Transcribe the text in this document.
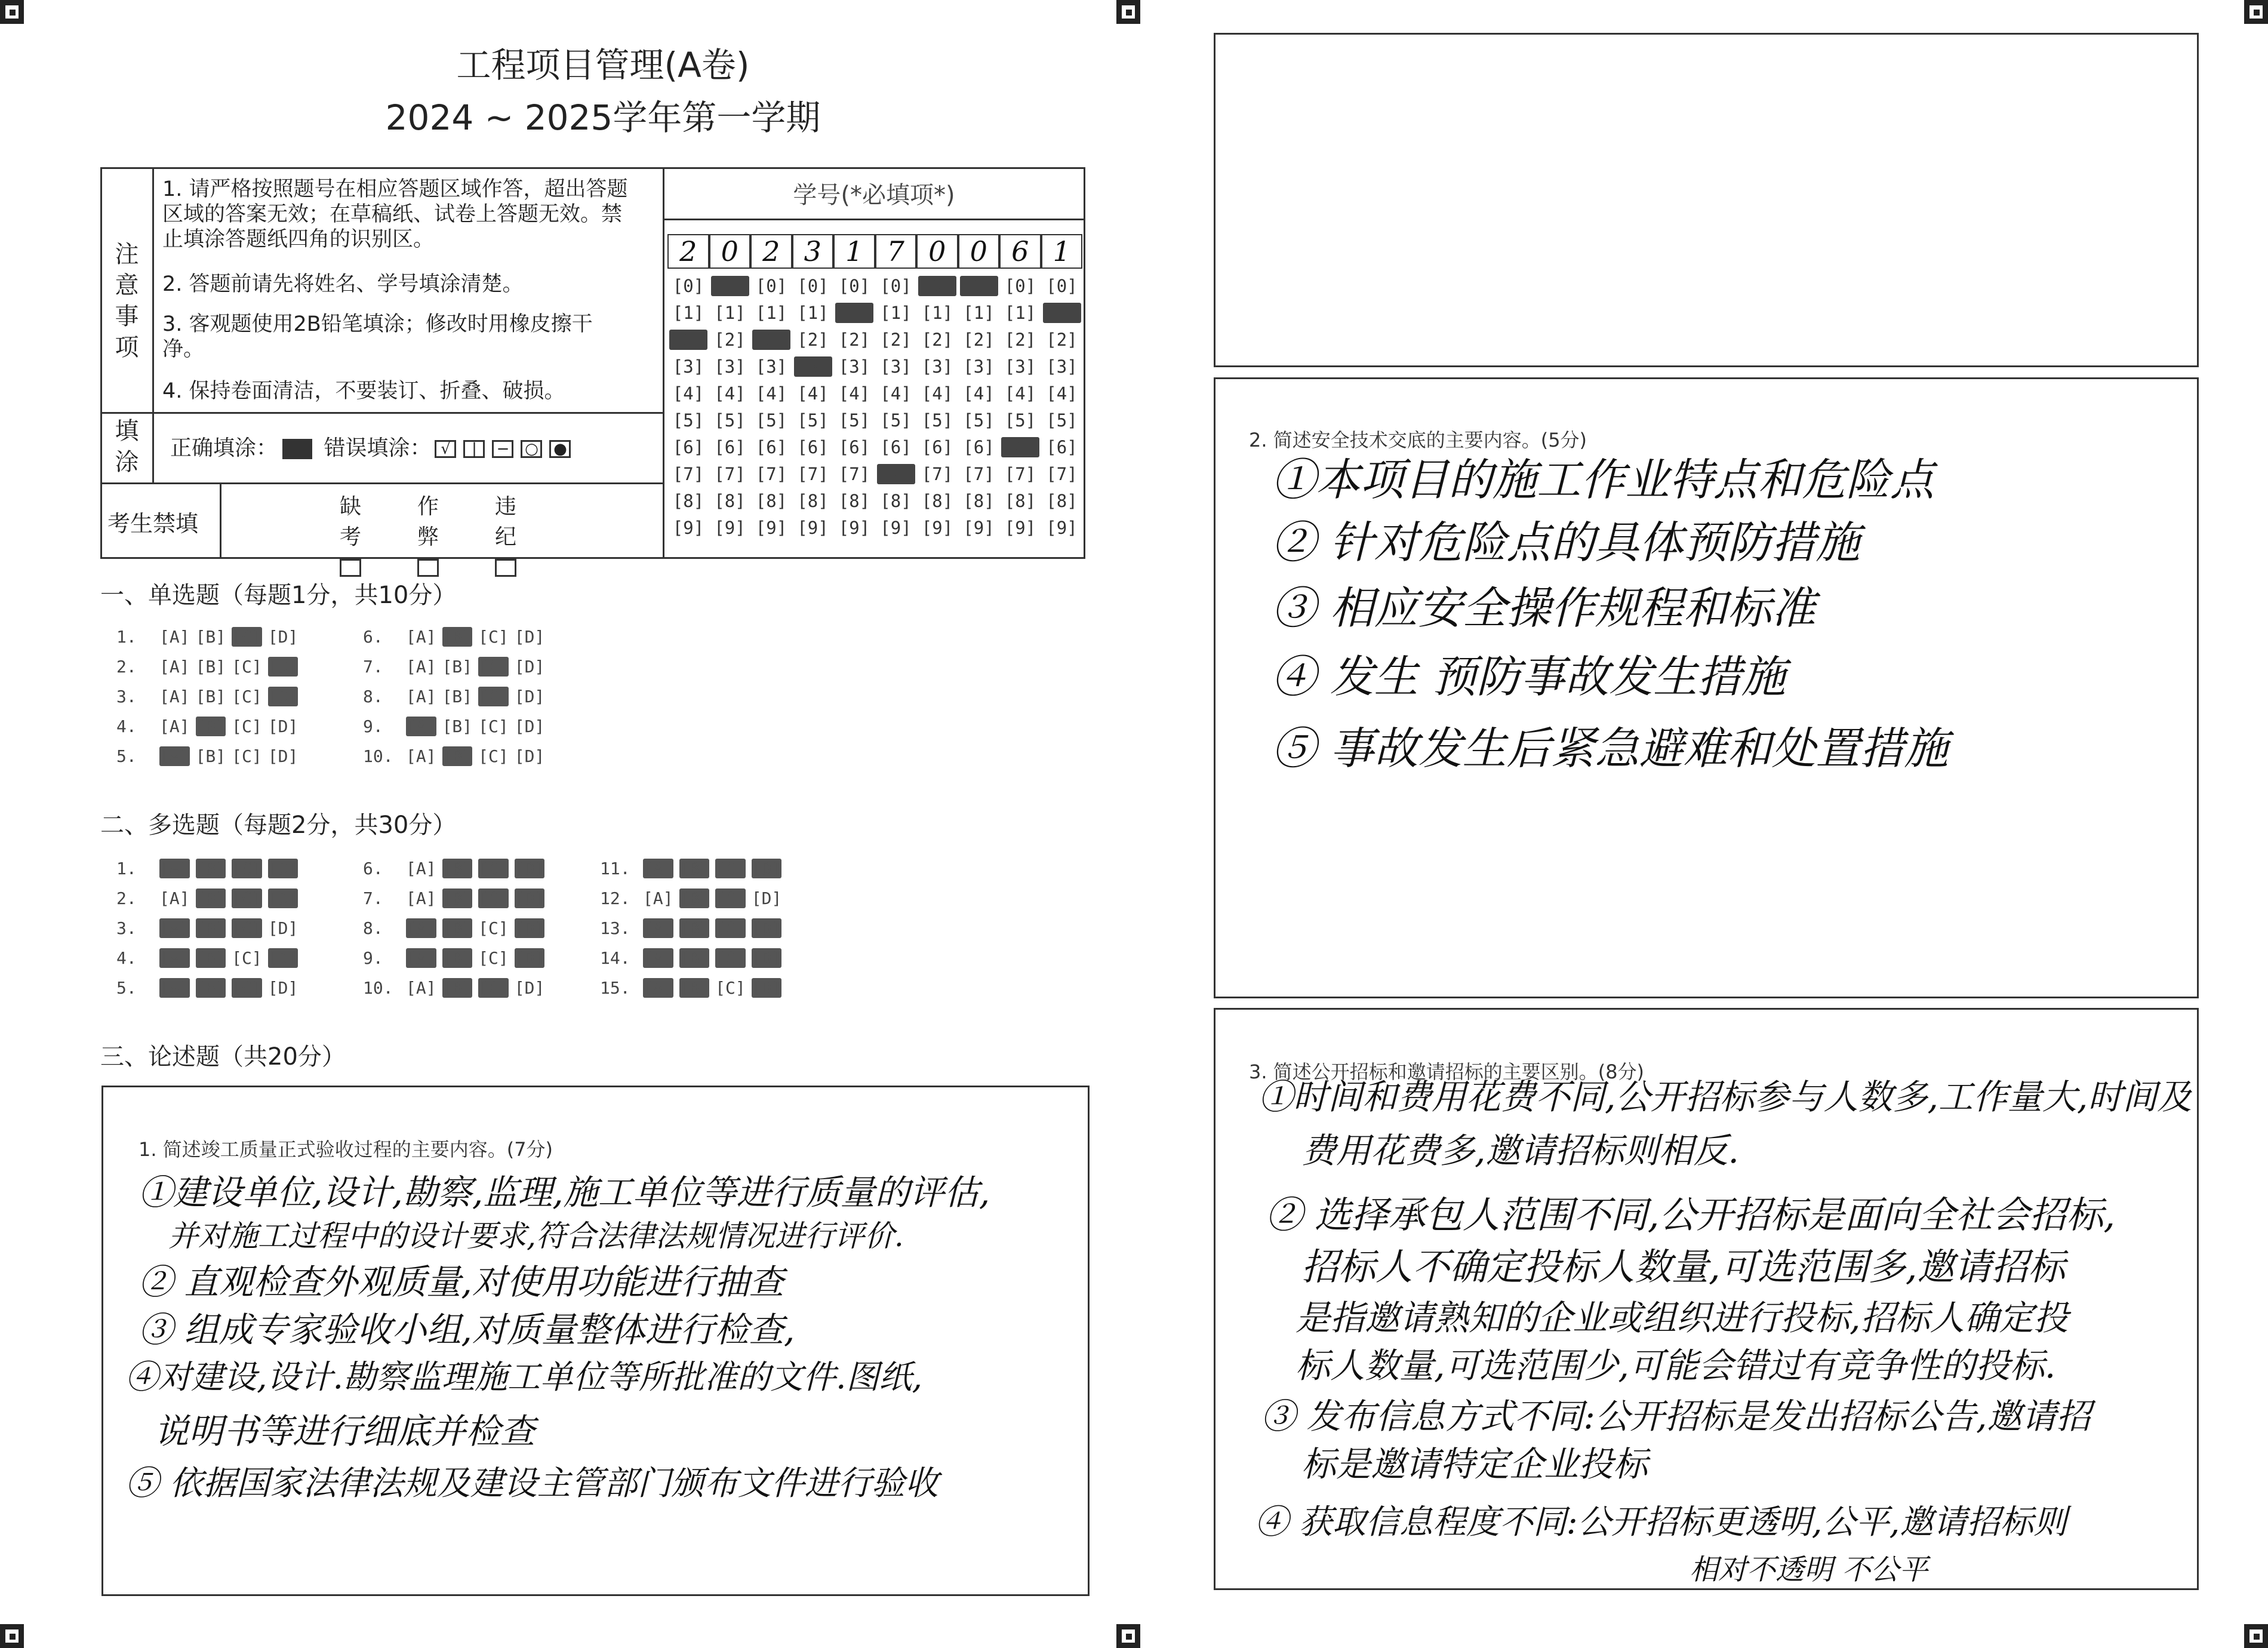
工程项目管理(A卷)
2024 ~ 2025学年第一学期
注
意
事
项
1. 请严格按照题号在相应答题区域作答，超出答题区域的答案无效；在草稿纸、试卷上答题无效。禁止填涂答题纸四角的识别区。
2. 答题前请先将姓名、学号填涂清楚。
3. 客观题使用2B铅笔填涂；修改时用橡皮擦干净。
4. 保持卷面清洁，不要装订、折叠、破损。
填
涂
正确填涂： 错误填涂： √ | − ○ ●
考生禁填
缺考
作弊
违纪
学号(*必填项*)
2 0 2 3 1 7 0 0 6 1
[0]
[1]
[2]
[3]
[4]
[5]
[6]
[7]
[8]
[9]
[0]
[1]
[2]
[3]
[4]
[5]
[6]
[7]
[8]
[9]
[0]
[1]
[2]
[3]
[4]
[5]
[6]
[7]
[8]
[9]
[0]
[1]
[2]
[3]
[4]
[5]
[6]
[7]
[8]
[9]
[0]
[1]
[2]
[3]
[4]
[5]
[6]
[7]
[8]
[9]
[0]
[1]
[2]
[3]
[4]
[5]
[6]
[7]
[8]
[9]
[0]
[1]
[2]
[3]
[4]
[5]
[6]
[7]
[8]
[9]
[0]
[1]
[2]
[3]
[4]
[5]
[6]
[7]
[8]
[9]
[0]
[1]
[2]
[3]
[4]
[5]
[6]
[7]
[8]
[9]
[0]
[1]
[2]
[3]
[4]
[5]
[6]
[7]
[8]
[9]
一、单选题（每题1分，共10分）
1. [A] [B] [C] [D]
2. [A] [B] [C] [D]
3. [A] [B] [C] [D]
4. [A] [B] [C] [D]
5. [A] [B] [C] [D]
6. [A] [B] [C] [D]
7. [A] [B] [C] [D]
8. [A] [B] [C] [D]
9. [A] [B] [C] [D]
10. [A] [B] [C] [D]
二、多选题（每题2分，共30分）
1. [A] [B] [C] [D]
2. [A] [B] [C] [D]
3. [A] [B] [C] [D]
4. [A] [B] [C] [D]
5. [A] [B] [C] [D]
6. [A] [B] [C] [D]
7. [A] [B] [C] [D]
8. [A] [B] [C] [D]
9. [A] [B] [C] [D]
10. [A] [B] [C] [D]
11. [A] [B] [C] [D]
12. [A] [B] [C] [D]
13. [A] [B] [C] [D]
14. [A] [B] [C] [D]
15. [A] [B] [C] [D]
三、论述题（共20分）
1. 简述竣工质量正式验收过程的主要内容。(7分)
①建设单位,设计,勘察,监理,施工单位等进行质量的评估,
并对施工过程中的设计要求,符合法律法规情况进行评价.
② 直观检查外观质量,对使用功能进行抽查
③ 组成专家验收小组,对质量整体进行检查,
④对建设,设计.勘察监理施工单位等所批准的文件.图纸,
说明书等进行细底并检查
⑤ 依据国家法律法规及建设主管部门颁布文件进行验收
2. 简述安全技术交底的主要内容。(5分)
①本项目的施工作业特点和危险点
② 针对危险点的具体预防措施
③ 相应安全操作规程和标准
④ 发生 预防事故发生措施
⑤ 事故发生后紧急避难和处置措施
3. 简述公开招标和邀请招标的主要区别。(8分)
①时间和费用花费不同,公开招标参与人数多,工作量大,时间及
费用花费多,邀请招标则相反.
② 选择承包人范围不同,公开招标是面向全社会招标,
招标人不确定投标人数量,可选范围多,邀请招标
是指邀请熟知的企业或组织进行投标,招标人确定投
标人数量,可选范围少,可能会错过有竞争性的投标.
③ 发布信息方式不同:公开招标是发出招标公告,邀请招
标是邀请特定企业投标
④ 获取信息程度不同:公开招标更透明,公平,邀请招标则
相对不透明 不公平
